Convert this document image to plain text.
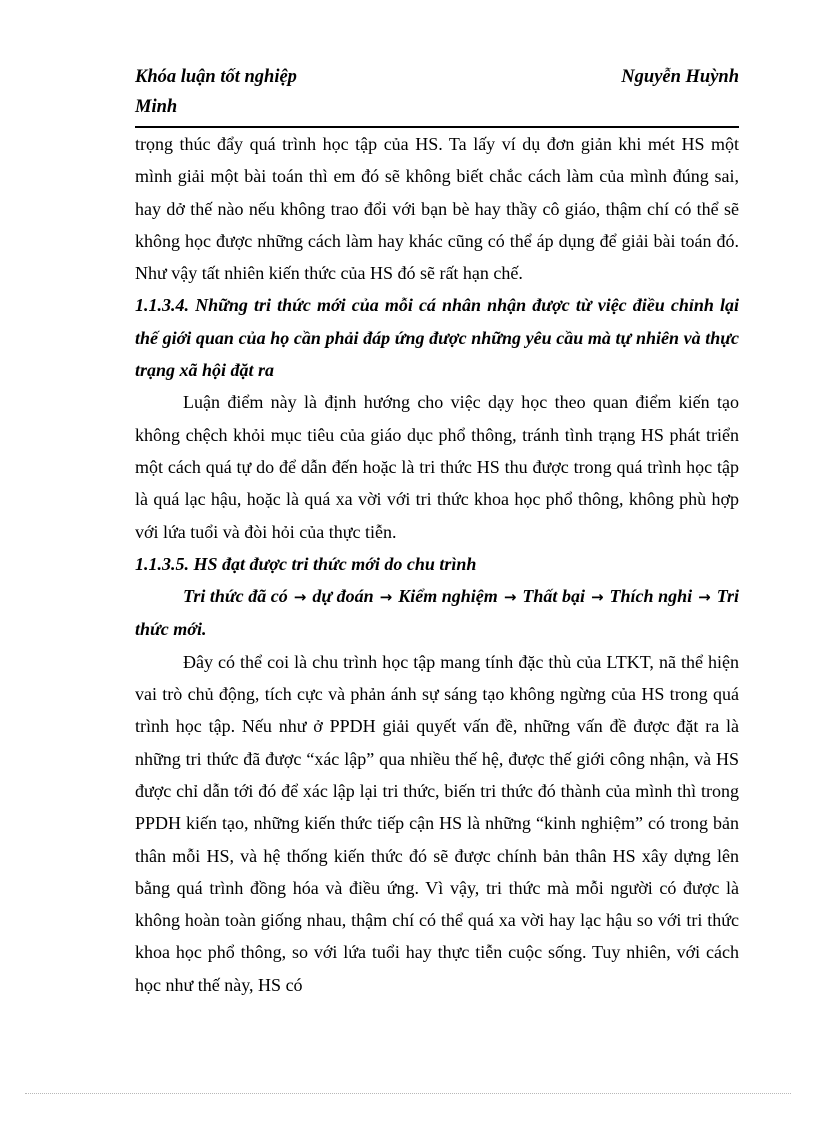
Khóa luận tốt nghiệp	Nguyễn Huỳnh
Minh

trọng thúc đẩy quá trình học tập của HS. Ta lấy ví dụ đơn giản khi mét HS một mình giải một bài toán thì em đó sẽ không biết chắc cách làm của mình đúng sai, hay dở thế nào nếu không trao đổi với bạn bè hay thầy cô giáo, thậm chí có thể sẽ không học được những cách làm hay khác cũng có thể áp dụng để giải bài toán đó. Như vậy tất nhiên kiến thức của HS đó sẽ rất hạn chế.

1.1.3.4. Những tri thức mới của mỗi cá nhân nhận được từ việc điều chỉnh lại thế giới quan của họ cần phải đáp ứng được những yêu cầu mà tự nhiên và thực trạng xã hội đặt ra

Luận điểm này là định hướng cho việc dạy học theo quan điểm kiến tạo không chệch khỏi mục tiêu của giáo dục phổ thông, tránh tình trạng HS phát triển một cách quá tự do để dẫn đến hoặc là tri thức HS thu được trong quá trình học tập là quá lạc hậu, hoặc là quá xa vời với tri thức khoa học phổ thông, không phù hợp với lứa tuổi và đòi hỏi của thực tiễn.

1.1.3.5. HS đạt được tri thức mới do chu trình

Tri thức đã có → dự đoán → Kiểm nghiệm → Thất bại → Thích nghi → Tri thức mới.

Đây có thể coi là chu trình học tập mang tính đặc thù của LTKT, nã thể hiện vai trò chủ động, tích cực và phản ánh sự sáng tạo không ngừng của HS trong quá trình học tập. Nếu như ở PPDH giải quyết vấn đề, những vấn đề được đặt ra là những tri thức đã được “xác lập” qua nhiều thế hệ, được thế giới công nhận, và HS được chỉ dẫn tới đó để xác lập lại tri thức, biến tri thức đó thành của mình thì trong PPDH kiến tạo, những kiến thức tiếp cận HS là những “kinh nghiệm” có trong bản thân mỗi HS, và hệ thống kiến thức đó sẽ được chính bản thân HS xây dựng lên bằng quá trình đồng hóa và điều ứng. Vì vậy, tri thức mà mỗi người có được là không hoàn toàn giống nhau, thậm chí có thể quá xa vời hay lạc hậu so với tri thức khoa học phổ thông, so với lứa tuổi hay thực tiễn cuộc sống. Tuy nhiên, với cách học như thế này, HS có
